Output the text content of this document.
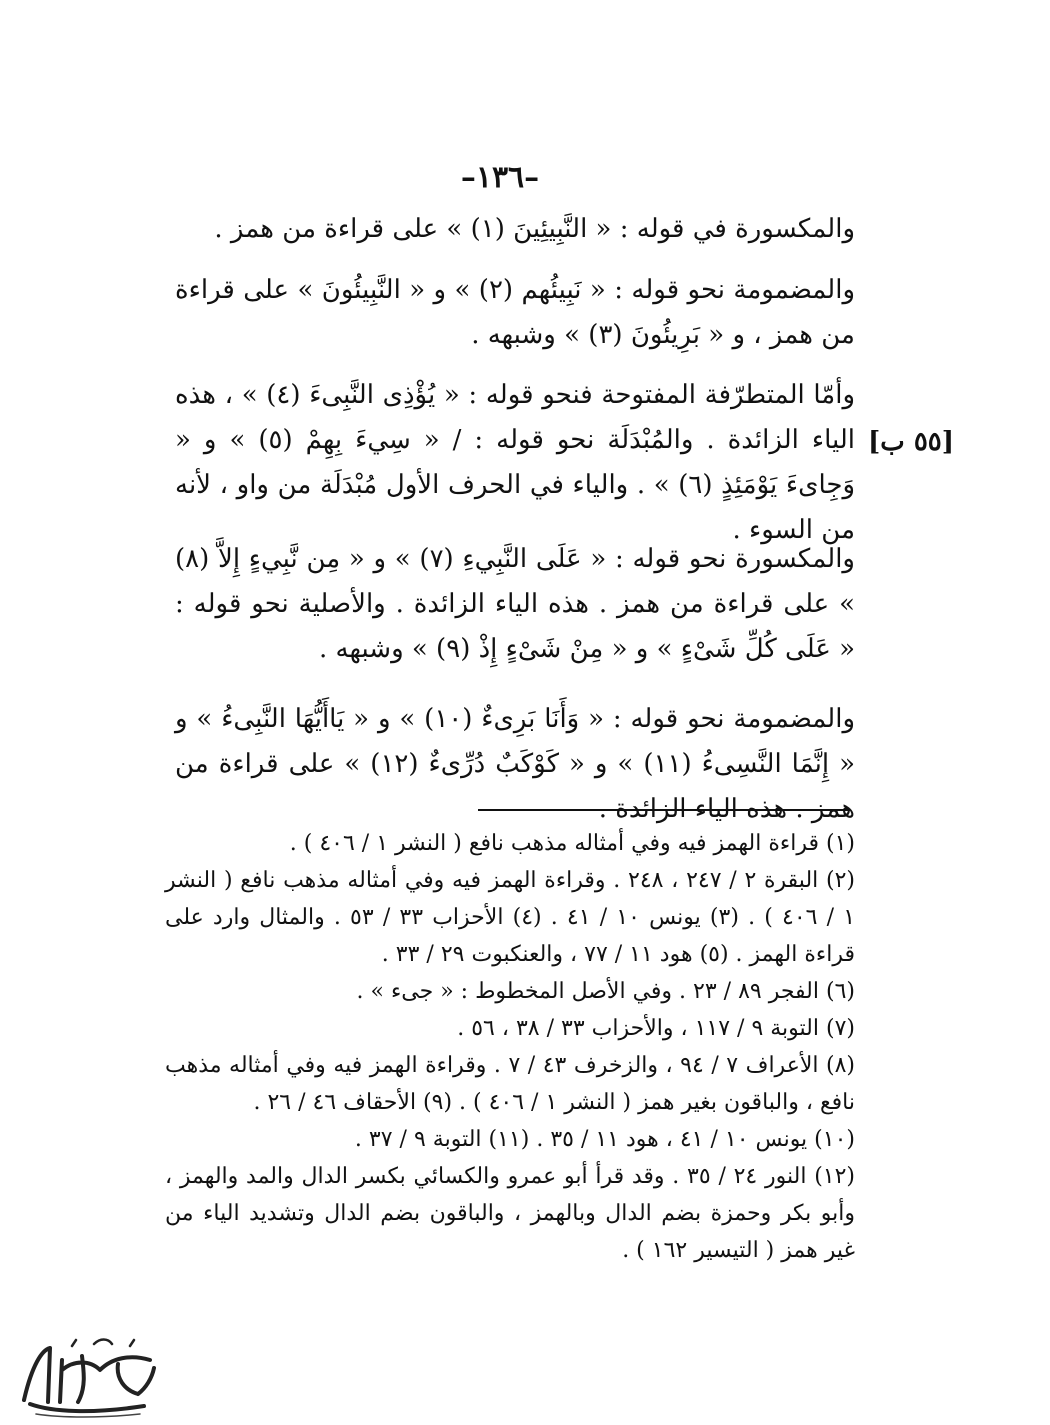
–١٣٦–
[٥٥ ب]
والمكسورة في قوله : « النَّبِيئِينَ (١) » على قراءة من همز .
والمضمومة نحو قوله : « نَبِيئُهم (٢) » و « النَّبِيئُونَ » على قراءة من همز ، و « بَرِيئُونَ (٣) » وشبهه .
وأمّا المتطرّفة المفتوحة فنحو قوله : « يُؤْذِى النَّبِىءَ (٤) » ، هذه الياء الزائدة . والمُبْدَلَة نحو قوله : / « سِيءَ بِهِمْ (٥) » و « وَجِاىءَ يَوْمَئِذٍ (٦) » . والياء في الحرف الأول مُبْدَلَة من واو ، لأنه من السوء .
والمكسورة نحو قوله : « عَلَى النَّبِيءِ (٧) » و « مِن نَّبِيءٍ إِلاَّ (٨) » على قراءة من همز . هذه الياء الزائدة . والأصلية نحو قوله : « عَلَى كُلِّ شَىْءٍ » و « مِنْ شَىْءٍ إِذْ (٩) » وشبهه .
والمضمومة نحو قوله : « وَأَنَا بَرِىءٌ (١٠) » و « يَاأَيُّهَا النَّبِىءُ » و « إِنَّمَا النَّسِىءُ (١١) » و « كَوْكَبٌ دُرِّىءٌ (١٢) » على قراءة من همز . هذه الياء الزائدة .

(١) قراءة الهمز فيه وفي أمثاله مذهب نافع ( النشر ١ / ٤٠٦ ) .

(٢) البقرة ٢ / ٢٤٧ ، ٢٤٨ . وقراءة الهمز فيه وفي أمثاله مذهب نافع ( النشر ١ / ٤٠٦ ) . (٣) يونس ١٠ / ٤١ . (٤) الأحزاب ٣٣ / ٥٣ . والمثال وارد على قراءة الهمز . (٥) هود ١١ / ٧٧ ، والعنكبوت ٢٩ / ٣٣ .

(٦) الفجر ٨٩ / ٢٣ . وفي الأصل المخطوط : « جىء » .

(٧) التوبة ٩ / ١١٧ ، والأحزاب ٣٣ / ٣٨ ، ٥٦ .

(٨) الأعراف ٧ / ٩٤ ، والزخرف ٤٣ / ٧ . وقراءة الهمز فيه وفي أمثاله مذهب نافع ، والباقون بغير همز ( النشر ١ / ٤٠٦ ) . (٩) الأحقاف ٤٦ / ٢٦ .

(١٠) يونس ١٠ / ٤١ ، هود ١١ / ٣٥ . (١١) التوبة ٩ / ٣٧ .

(١٢) النور ٢٤ / ٣٥ . وقد قرأ أبو عمرو والكسائي بكسر الدال والمد والهمز ، وأبو بكر وحمزة بضم الدال وبالهمز ، والباقون بضم الدال وتشديد الياء من غير همز ( التيسير ١٦٢ ) .
